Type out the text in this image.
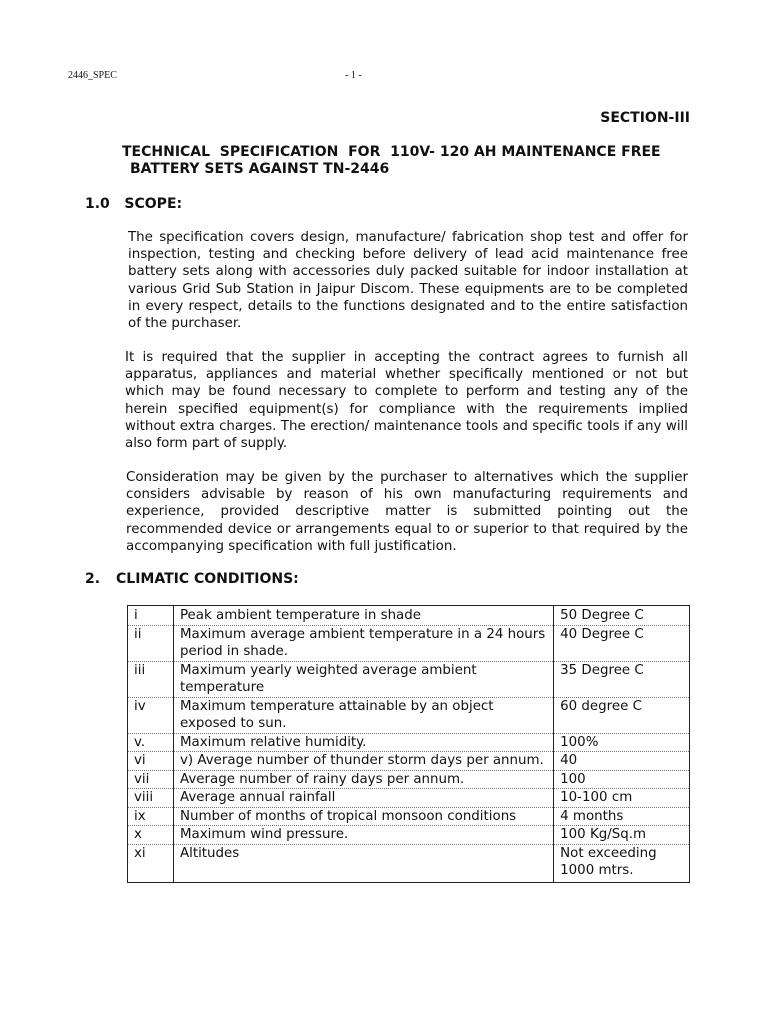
2446_SPEC	- 1 -
SECTION-III
TECHNICAL  SPECIFICATION  FOR  110V- 120 AH MAINTENANCE FREE
BATTERY SETS AGAINST TN-2446
1.0   SCOPE:
The specification covers design, manufacture/ fabrication shop test and offer for inspection, testing and checking before delivery of lead acid maintenance free battery sets along with accessories duly packed suitable for indoor installation at various Grid Sub Station in Jaipur Discom. These equipments are to be completed in every respect, details to the functions designated and to the entire satisfaction of the purchaser.
It is required that the supplier in accepting the contract agrees to furnish all apparatus, appliances and material whether specifically mentioned or not but which may be found necessary to complete to perform and testing any of the herein specified equipment(s) for compliance with the requirements implied without extra charges. The erection/ maintenance tools and specific tools if any will also form part of supply.
Consideration may be given by the purchaser to alternatives which the supplier considers advisable by reason of his own manufacturing requirements and experience, provided descriptive matter is submitted pointing out the recommended device or arrangements equal to or superior to that required by the accompanying specification with full justification.
2. CLIMATIC CONDITIONS:
i	Peak ambient temperature in shade	50 Degree C
ii	Maximum average ambient temperature in a 24 hours period in shade.	40 Degree C
iii	Maximum yearly weighted average ambient temperature	35 Degree C
iv	Maximum temperature attainable by an object exposed to sun.	60 degree C
v.	Maximum relative humidity.	100%
vi	v) Average number of thunder storm days per annum.	40
vii	Average number of rainy days per annum.	100
viii	Average annual rainfall	10-100 cm
ix	Number of months of tropical monsoon conditions	4 months
x	Maximum wind pressure.	100 Kg/Sq.m
xi	Altitudes	Not exceeding 1000 mtrs.
